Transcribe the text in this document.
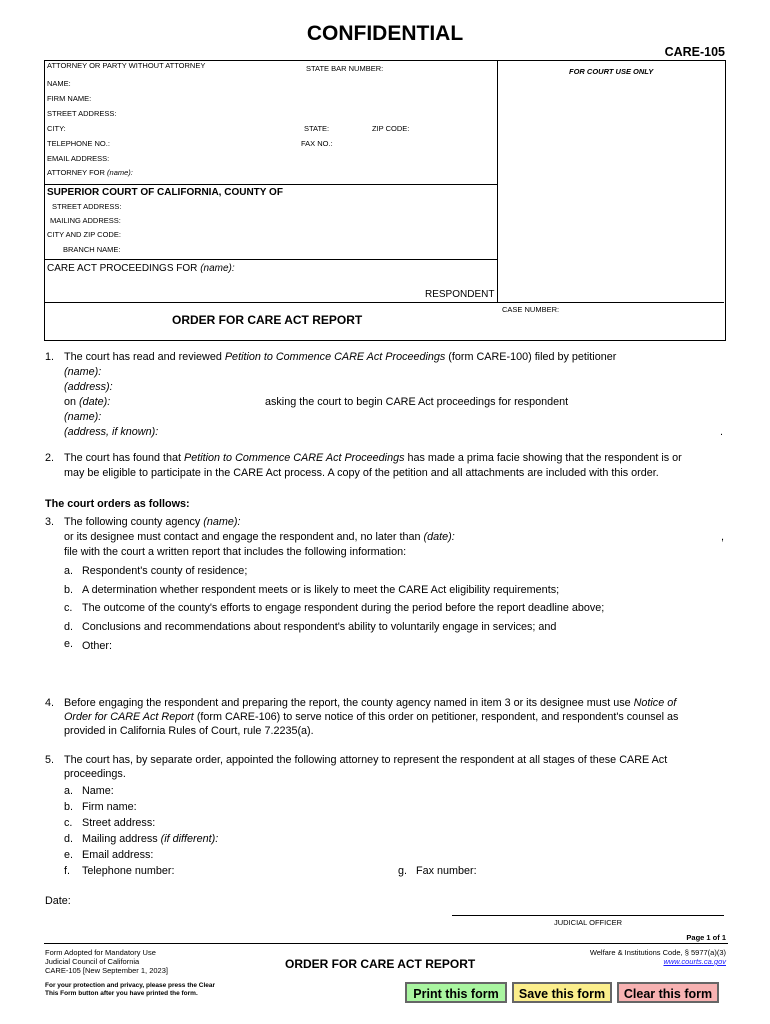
CONFIDENTIAL
CARE-105
ATTORNEY OR PARTY WITHOUT ATTORNEY	STATE BAR NUMBER:	FOR COURT USE ONLY
NAME:
FIRM NAME:
STREET ADDRESS:
CITY:	STATE:	ZIP CODE:
TELEPHONE NO.:	FAX NO.:
EMAIL ADDRESS:
ATTORNEY FOR (name):
SUPERIOR COURT OF CALIFORNIA, COUNTY OF
STREET ADDRESS:
MAILING ADDRESS:
CITY AND ZIP CODE:
BRANCH NAME:
CARE ACT PROCEEDINGS FOR (name):
RESPONDENT
ORDER FOR CARE ACT REPORT
CASE NUMBER:
1. The court has read and reviewed Petition to Commence CARE Act Proceedings (form CARE-100) filed by petitioner
(name):
(address):
on (date):	asking the court to begin CARE Act proceedings for respondent
(name):
(address, if known):	.
2. The court has found that Petition to Commence CARE Act Proceedings has made a prima facie showing that the respondent is or
may be eligible to participate in the CARE Act process. A copy of the petition and all attachments are included with this order.
The court orders as follows:
3. The following county agency (name):
or its designee must contact and engage the respondent and, no later than (date):	,
file with the court a written report that includes the following information:
a. Respondent's county of residence;
b. A determination whether respondent meets or is likely to meet the CARE Act eligibility requirements;
c. The outcome of the county's efforts to engage respondent during the period before the report deadline above;
d. Conclusions and recommendations about respondent's ability to voluntarily engage in services; and
e. Other:
4. Before engaging the respondent and preparing the report, the county agency named in item 3 or its designee must use Notice of
Order for CARE Act Report (form CARE-106) to serve notice of this order on petitioner, respondent, and respondent's counsel as
provided in California Rules of Court, rule 7.2235(a).
5. The court has, by separate order, appointed the following attorney to represent the respondent at all stages of these CARE Act
proceedings.
a. Name:
b. Firm name:
c. Street address:
d. Mailing address (if different):
e. Email address:
f. Telephone number:	g. Fax number:
Date:
JUDICIAL OFFICER
Page 1 of 1
Form Adopted for Mandatory Use
Judicial Council of California
CARE-105 [New September 1, 2023]	ORDER FOR CARE ACT REPORT
Welfare & Institutions Code, § 5977(a)(3)
www.courts.ca.gov
For your protection and privacy, please press the Clear
This Form button after you have printed the form.	Print this form	Save this form	Clear this form
